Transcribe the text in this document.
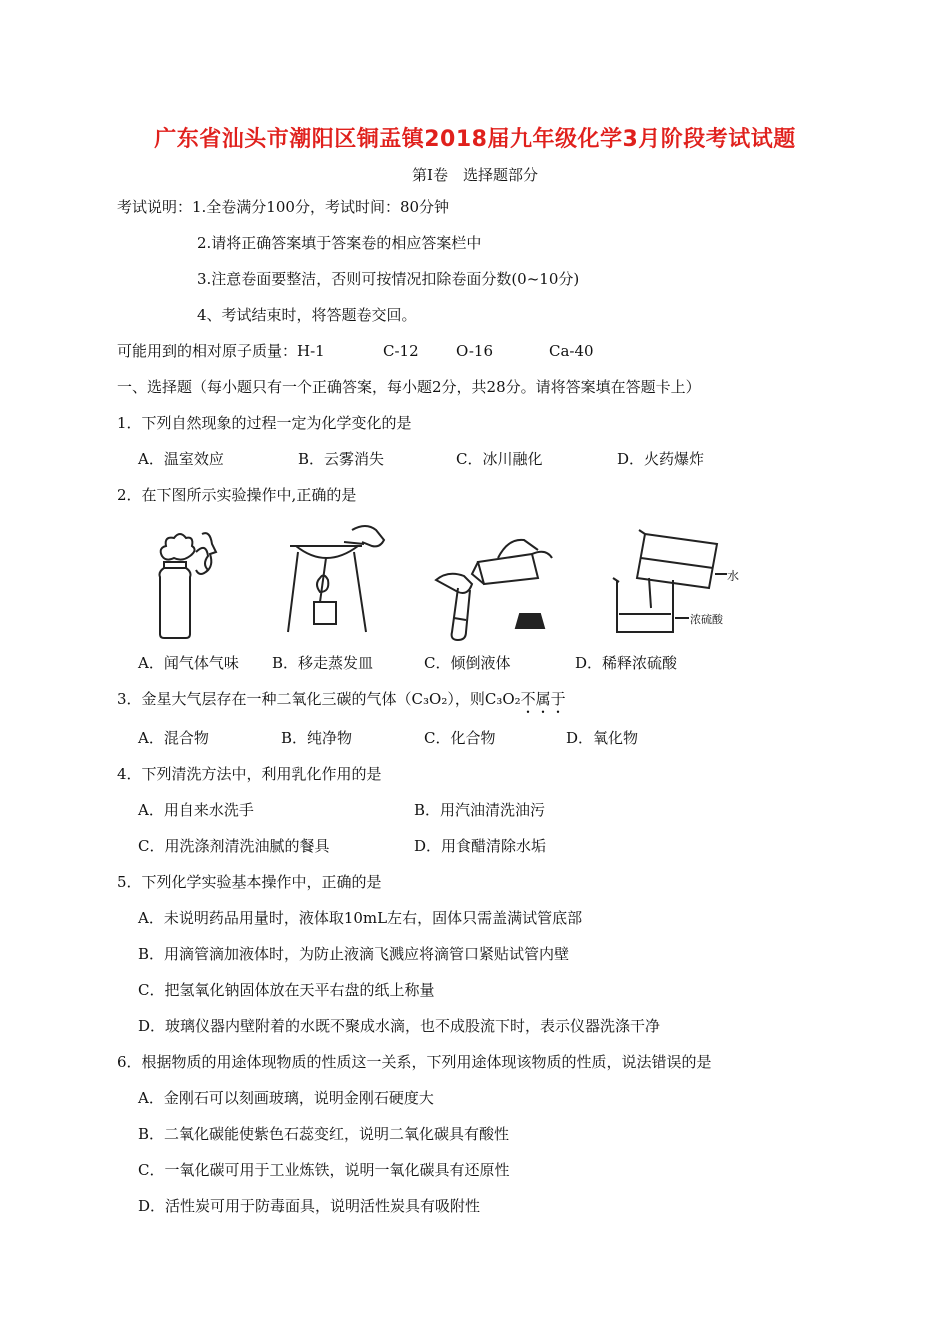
广东省汕头市潮阳区铜盂镇2018届九年级化学3月阶段考试试题
第Ⅰ卷　选择题部分
考试说明：1.全卷满分100分，考试时间：80分钟
2.请将正确答案填于答案卷的相应答案栏中
3.注意卷面要整洁，否则可按情况扣除卷面分数(0~10分)
4、考试结束时，将答题卷交回。
可能用到的相对原子质量：H-1	C-12 O-16	Ca-40
一、选择题（每小题只有一个正确答案，每小题2分，共28分。请将答案填在答题卡上）
1．下列自然现象的过程一定为化学变化的是
A．温室效应	B．云雾消失	C．冰川融化	D．火药爆炸
2．在下图所示实验操作中,正确的是
水
浓硫酸
A．闻气体气味 B．移走蒸发皿	C．倾倒液体	D．稀释浓硫酸
3．金星大气层存在一种二氧化三碳的气体（C₃O₂），则C₃O₂不属于
A．混合物	B．纯净物	C．化合物	D．氧化物
4．下列清洗方法中，利用乳化作用的是
A．用自来水洗手	B．用汽油清洗油污
C．用洗涤剂清洗油腻的餐具	D．用食醋清除水垢
5．下列化学实验基本操作中，正确的是
A．未说明药品用量时，液体取10mL左右，固体只需盖满试管底部
B．用滴管滴加液体时，为防止液滴飞溅应将滴管口紧贴试管内壁
C．把氢氧化钠固体放在天平右盘的纸上称量
D．玻璃仪器内壁附着的水既不聚成水滴，也不成股流下时，表示仪器洗涤干净
6．根据物质的用途体现物质的性质这一关系，下列用途体现该物质的性质，说法错误的是
A．金刚石可以刻画玻璃，说明金刚石硬度大
B．二氧化碳能使紫色石蕊变红，说明二氧化碳具有酸性
C．一氧化碳可用于工业炼铁，说明一氧化碳具有还原性
D．活性炭可用于防毒面具，说明活性炭具有吸附性
